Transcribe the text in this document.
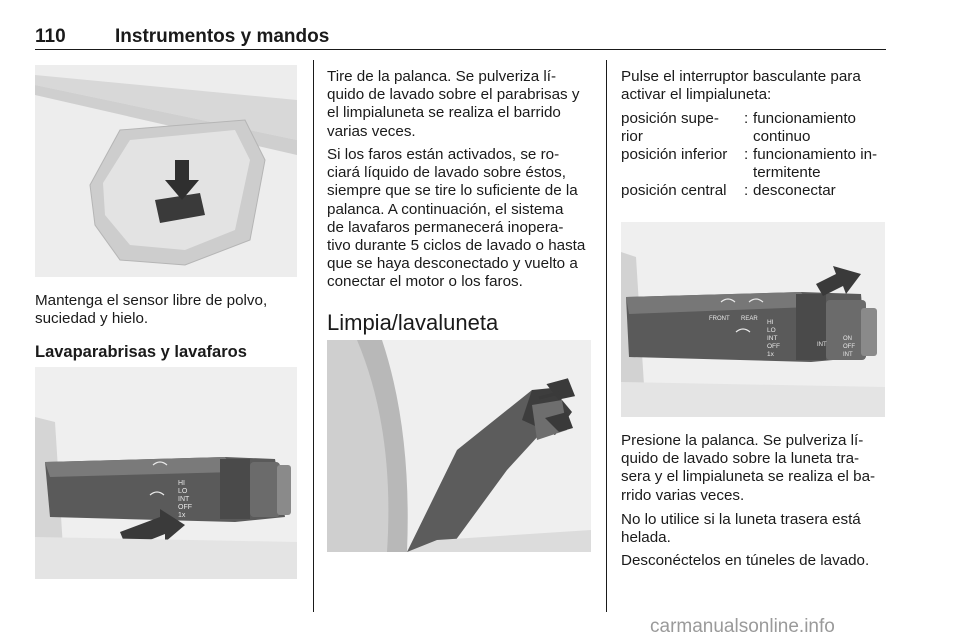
110	Instrumentos y mandos
Mantenga el sensor libre de polvo,
suciedad y hielo.
Lavaparabrisas y lavafaros
HI
LO
INT
OFF
1x
Tire de la palanca. Se pulveriza lí-
quido de lavado sobre el parabrisas y
el limpialuneta se realiza el barrido
varias veces.
Si los faros están activados, se ro-
ciará líquido de lavado sobre éstos,
siempre que se tire lo suficiente de la
palanca. A continuación, el sistema
de lavafaros permanecerá inopera-
tivo durante 5 ciclos de lavado o hasta
que se haya desconectado y vuelto a
conectar el motor o los faros.
Limpia/lavaluneta
Pulse el interruptor basculante para
activar el limpialuneta:
posición supe-
rior
: funcionamiento
continuo
posición inferior	: funcionamiento in-
termitente
posición central	: desconectar
FRONT REAR HI
LO
INT
OFF
1x
ON
INT	OFF
INT
Presione la palanca. Se pulveriza lí-
quido de lavado sobre la luneta tra-
sera y el limpialuneta se realiza el ba-
rrido varias veces.
No lo utilice si la luneta trasera está
helada.
Desconéctelos en túneles de lavado.
carmanualsonline.info
